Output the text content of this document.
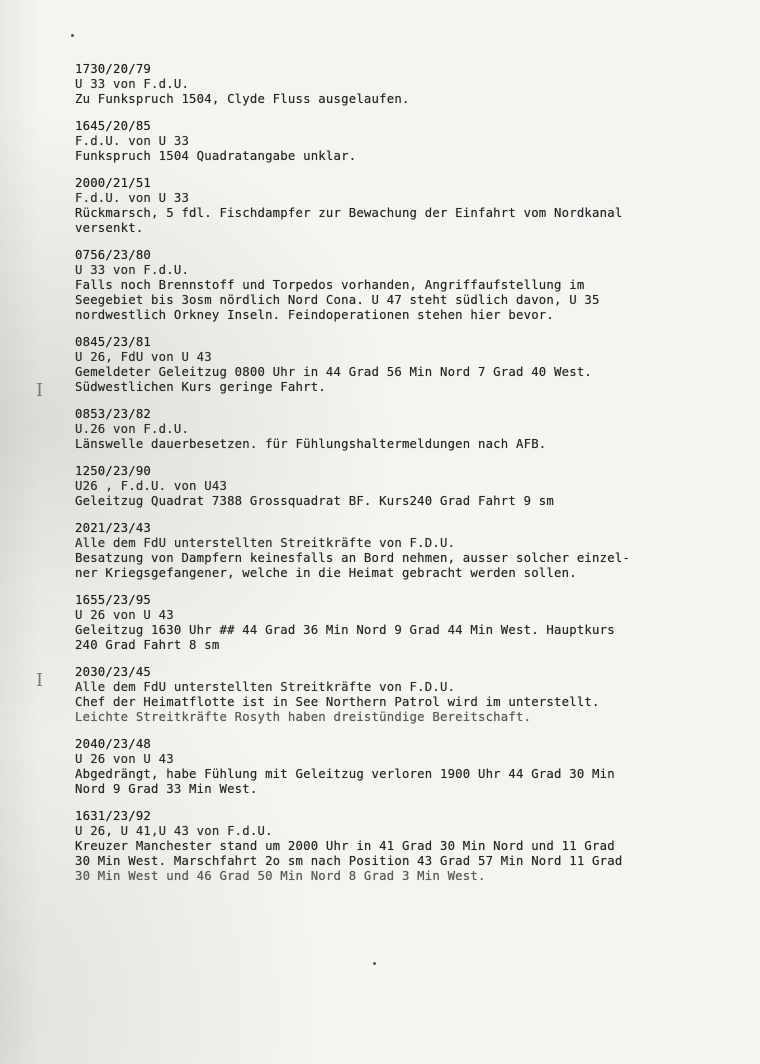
I
I

1730/20/79

U 33 von F.d.U.

Zu Funkspruch 1504, Clyde Fluss ausgelaufen.

1645/20/85

F.d.U. von U 33

Funkspruch 1504 Quadratangabe unklar.

2000/21/51

F.d.U. von U 33

Rückmarsch, 5 fdl. Fischdampfer zur Bewachung der Einfahrt vom Nordkanal

versenkt.

0756/23/80

U 33 von F.d.U.

Falls noch Brennstoff und Torpedos vorhanden, Angriffaufstellung im

Seegebiet bis 3osm nördlich Nord Cona. U 47 steht südlich davon, U 35

nordwestlich Orkney Inseln. Feindoperationen stehen hier bevor.

0845/23/81

U 26, FdU von U 43

Gemeldeter Geleitzug 0800 Uhr in 44 Grad 56 Min Nord 7 Grad 40 West.

Südwestlichen Kurs geringe Fahrt.

0853/23/82

U.26 von F.d.U.

Länswelle dauerbesetzen. für Fühlungshaltermeldungen nach AFB.

1250/23/90

U26 , F.d.U. von U43

Geleitzug Quadrat 7388 Grossquadrat BF. Kurs240 Grad Fahrt 9 sm

2021/23/43

Alle dem FdU unterstellten Streitkräfte von F.D.U.

Besatzung von Dampfern keinesfalls an Bord nehmen, ausser solcher einzel-

ner Kriegsgefangener, welche in die Heimat gebracht werden sollen.

1655/23/95

U 26 von U 43

Geleitzug 1630 Uhr ## 44 Grad 36 Min Nord 9 Grad 44 Min West. Hauptkurs

240 Grad Fahrt 8 sm

2030/23/45

Alle dem FdU unterstellten Streitkräfte von F.D.U.

Chef der Heimatflotte ist in See Northern Patrol wird im unterstellt.

Leichte Streitkräfte Rosyth haben dreistündige Bereitschaft.

2040/23/48

U 26 von U 43

Abgedrängt, habe Fühlung mit Geleitzug verloren 1900 Uhr 44 Grad 30 Min

Nord 9 Grad 33 Min West.

1631/23/92

U 26, U 41,U 43 von F.d.U.

Kreuzer Manchester stand um 2000 Uhr in 41 Grad 30 Min Nord und 11 Grad

30 Min West. Marschfahrt 2o sm nach Position 43 Grad 57 Min Nord 11 Grad

30 Min West und 46 Grad 50 Min Nord 8 Grad 3 Min West.
